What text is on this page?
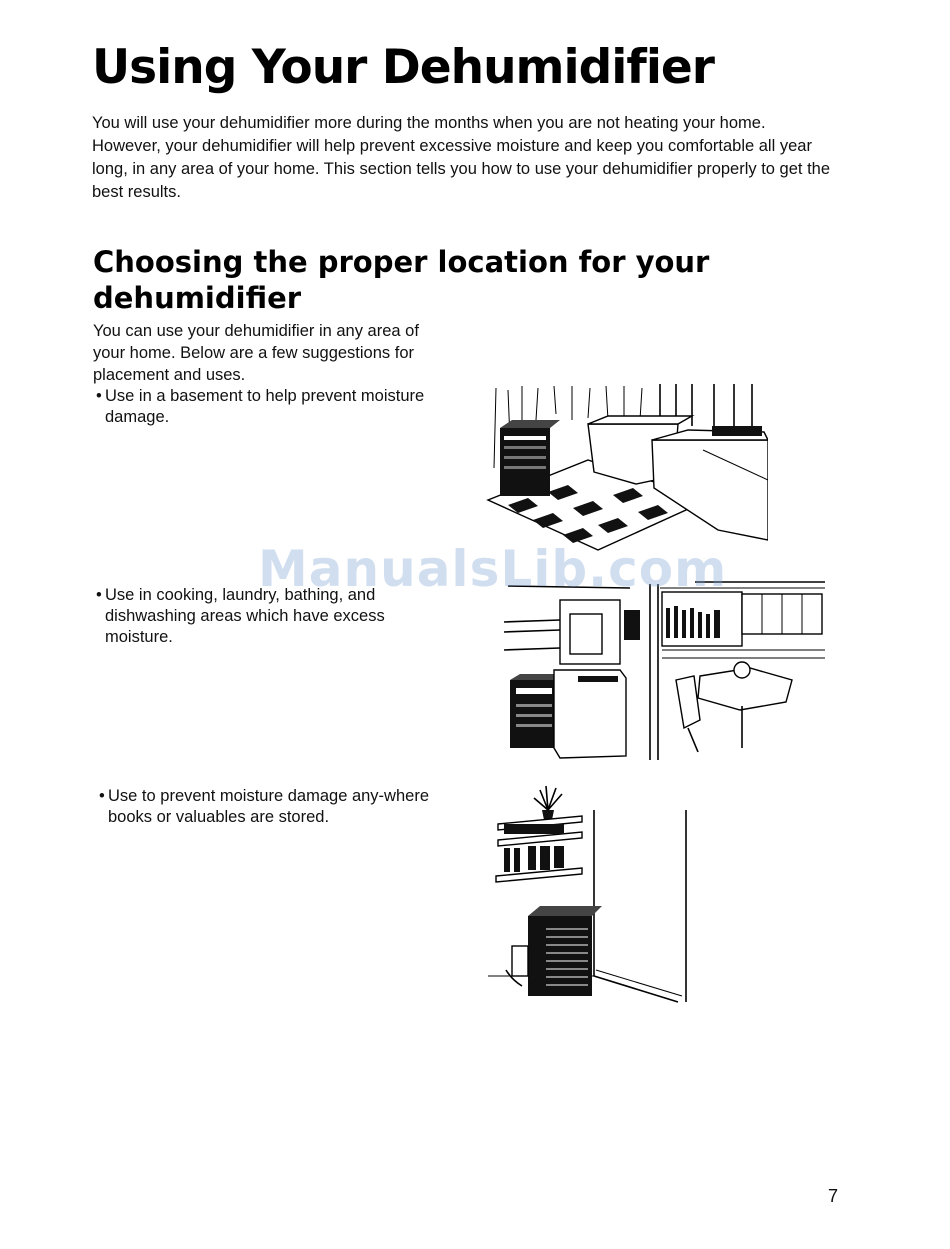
Using Your Dehumidifier

You will use your dehumidifier more during the months when you are not heating your home. However, your dehumidifier will help prevent excessive moisture and keep you comfortable all year long, in any area of your home. This section tells you how to use your dehumidifier properly to get the best results.

Choosing the proper location for your dehumidifier

You can use your dehumidifier in any area of your home. Below are a few suggestions for placement and uses.

• Use in a basement to help prevent moisture damage.

• Use in cooking, laundry, bathing, and dishwashing areas which have excess moisture.

• Use to prevent moisture damage any-where books or valuables are stored.

ManualsLib.com

7
